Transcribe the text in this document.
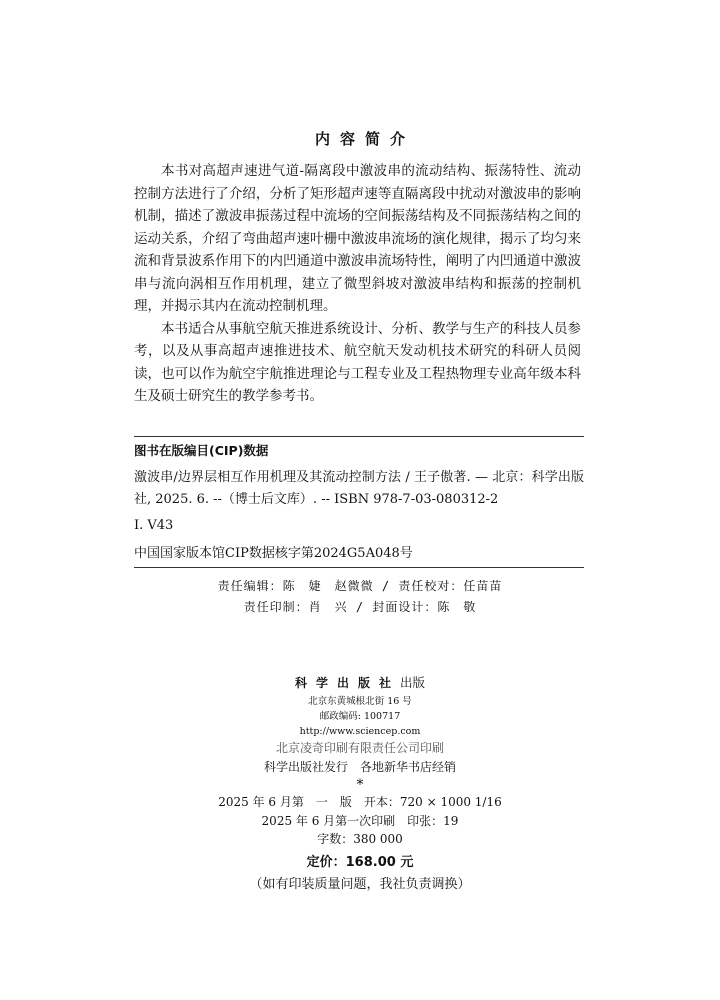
内容简介

本书对高超声速进气道-隔离段中激波串的流动结构、振荡特性、流动控制方法进行了介绍，分析了矩形超声速等直隔离段中扰动对激波串的影响机制，描述了激波串振荡过程中流场的空间振荡结构及不同振荡结构之间的运动关系，介绍了弯曲超声速叶栅中激波串流场的演化规律，揭示了均匀来流和背景波系作用下的内凹通道中激波串流场特性，阐明了内凹通道中激波串与流向涡相互作用机理，建立了微型斜坡对激波串结构和振荡的控制机理，并揭示其内在流动控制机理。

本书适合从事航空航天推进系统设计、分析、教学与生产的科技人员参考，以及从事高超声速推进技术、航空航天发动机技术研究的科研人员阅读，也可以作为航空宇航推进理论与工程专业及工程热物理专业高年级本科生及硕士研究生的教学参考书。

图书在版编目(CIP)数据
激波串/边界层相互作用机理及其流动控制方法 / 王子傲著. — 北京：科学出版社, 2025. 6. --（博士后文库）. -- ISBN 978-7-03-080312-2
Ⅰ. V43
中国国家版本馆CIP数据核字第2024G5A048号
责任编辑：陈　婕　赵微微 / 责任校对：任苗苗
责任印制：肖　兴 / 封面设计：陈　敬
科学出版社出版
北京东黄城根北街 16 号
邮政编码: 100717
http://www.sciencep.com
北京凌奇印刷有限责任公司印刷
科学出版社发行　各地新华书店经销
*
2025 年 6 月第　一　版　开本：720 × 1000 1/16
2025 年 6 月第一次印刷　印张：19
字数：380 000
定价：168.00 元
（如有印装质量问题，我社负责调换）
